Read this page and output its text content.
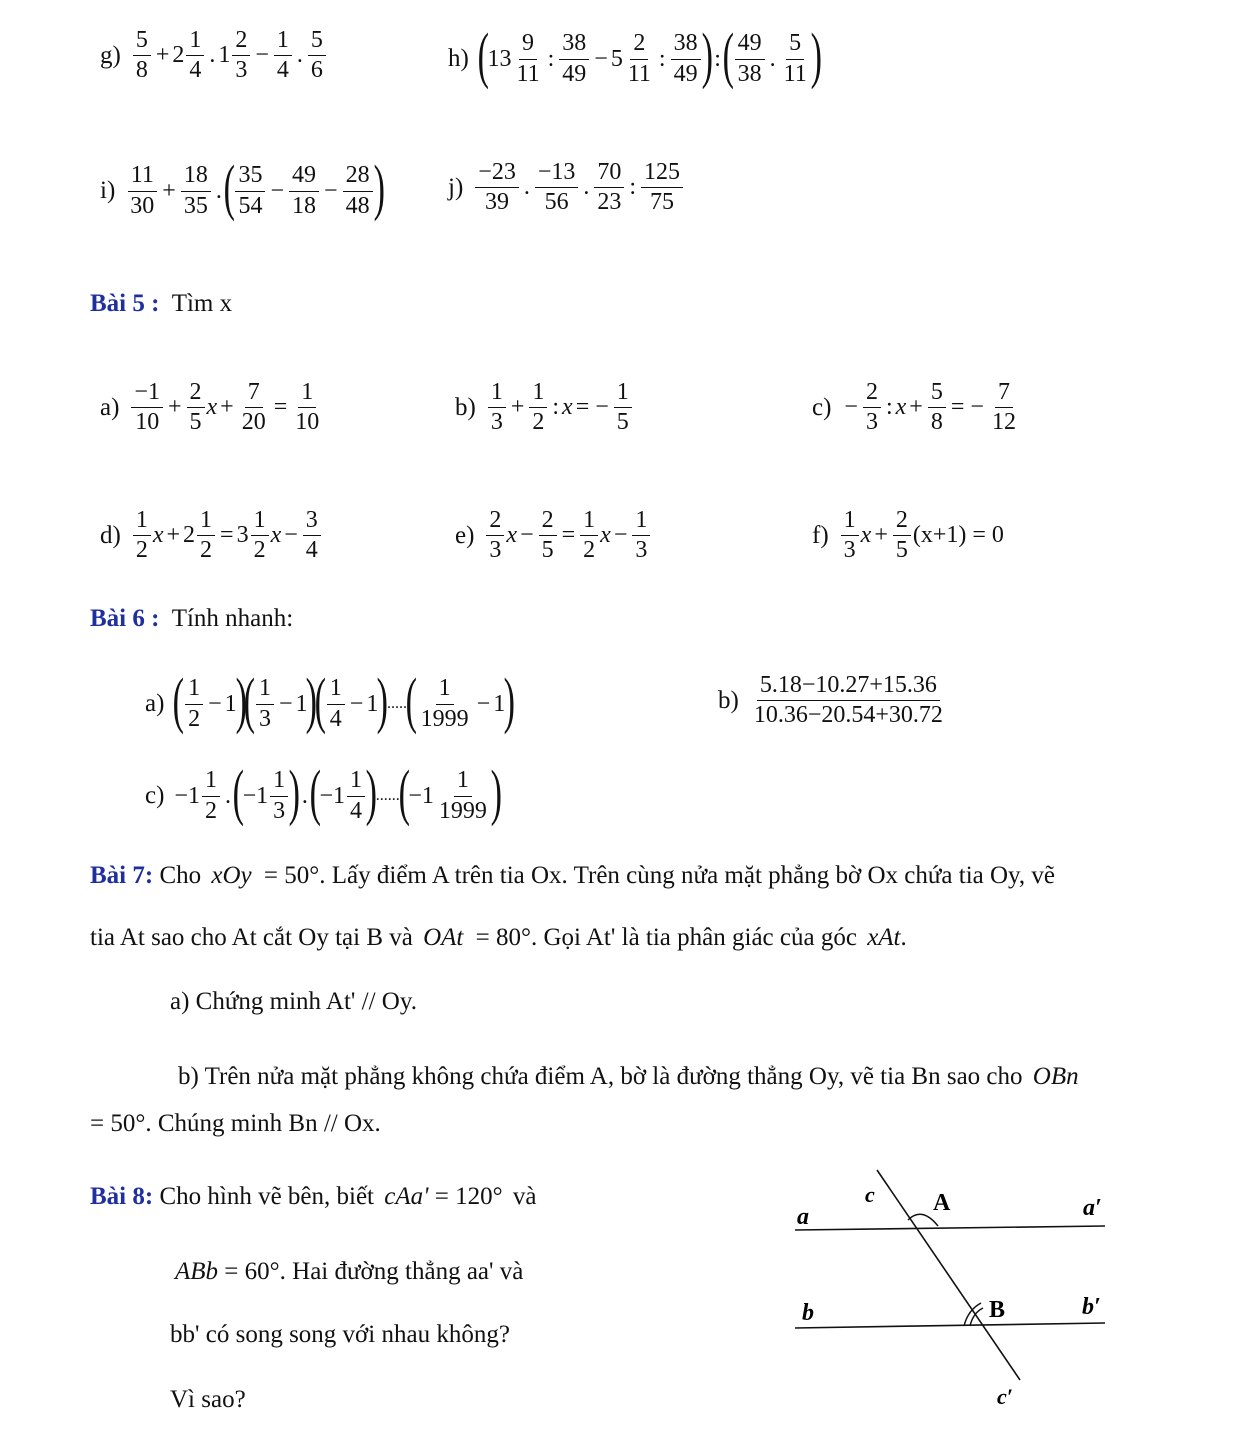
$g) \frac{5}{8} + 2 \frac{1}{4}$ . $1 \frac{2}{3} - \frac{1}{4}$ . $\frac{5}{6}$	h) (
$13 \frac{9}{11}$ : $\frac{38}{49} - 5 \frac{2}{11}$ : $\frac{38}{49}$ ) : ( $\frac{49}{38}$ . $\frac{5}{11}$ )
$i) \frac{11}{30} + \frac{18}{35}$ . ( $\frac{35}{54} - \frac{49}{18} - \frac{28}{48}$ )	$j) \frac{-23}{39}$ . $\frac{-13}{56}$ . $\frac{70}{23}$ : $\frac{125}{75}$
Bài 5 : Tìm x
$a) \frac{-1}{10} + \frac{2}{5}$ $x + \frac{7}{20} = \frac{1}{10}$	$b) \frac{1}{3} + \frac{1}{2}$ : x = − $\frac{1}{5}$	$c) - \frac{2}{3}$ : $x + \frac{5}{8}$ = − $\frac{7}{12}$
$d) \frac{1}{2}$ $x + 2 \frac{1}{2} = 3 \frac{1}{2}$ $x - \frac{3}{4}$	$e) \frac{2}{3}$ $x - \frac{2}{5} = \frac{1}{2}$ $x - \frac{1}{3}$	$f) \frac{1}{3}$ $x + \frac{2}{5} (x+1) = 0$
Bài 6 : Tính nhanh:
a) ( $\frac{1}{2} - 1$
)
( $\frac{1}{3} - 1$
)
( $\frac{1}{4} - 1$
)
.....
( $\frac{1}{1999} - 1$
)	$b) \frac{5.18-10.27+15.36}{10.36-20.54+30.72}$
$c) - 1 \frac{1}{2}$ . (
− $1 \frac{1}{3}$ ) . (
− $1 \frac{1}{4}$ )
......
(
− $1 \frac{1}{1999}$ )
Bài 7: Cho xOy = 50°. Lấy điểm A trên tia Ox. Trên cùng nửa mặt phẳng bờ Ox chứa tia Oy, vẽ
tia At sao cho At cắt Oy tại B và OAt = 80°. Gọi At' là tia phân giác của góc xAt.
a) Chứng minh At' // Oy.
b) Trên nửa mặt phẳng không chứa điểm A, bờ là đường thẳng Oy, vẽ tia Bn sao cho OBn
= 50°. Chúng minh Bn // Ox.
Bài 8: Cho hình vẽ bên, biết cAa' = 120° và
ABb = 60°. Hai đường thẳng aa' và
bb' có song song với nhau không?
Vì sao?
a	a′
b	b′
c
c′
A
B
